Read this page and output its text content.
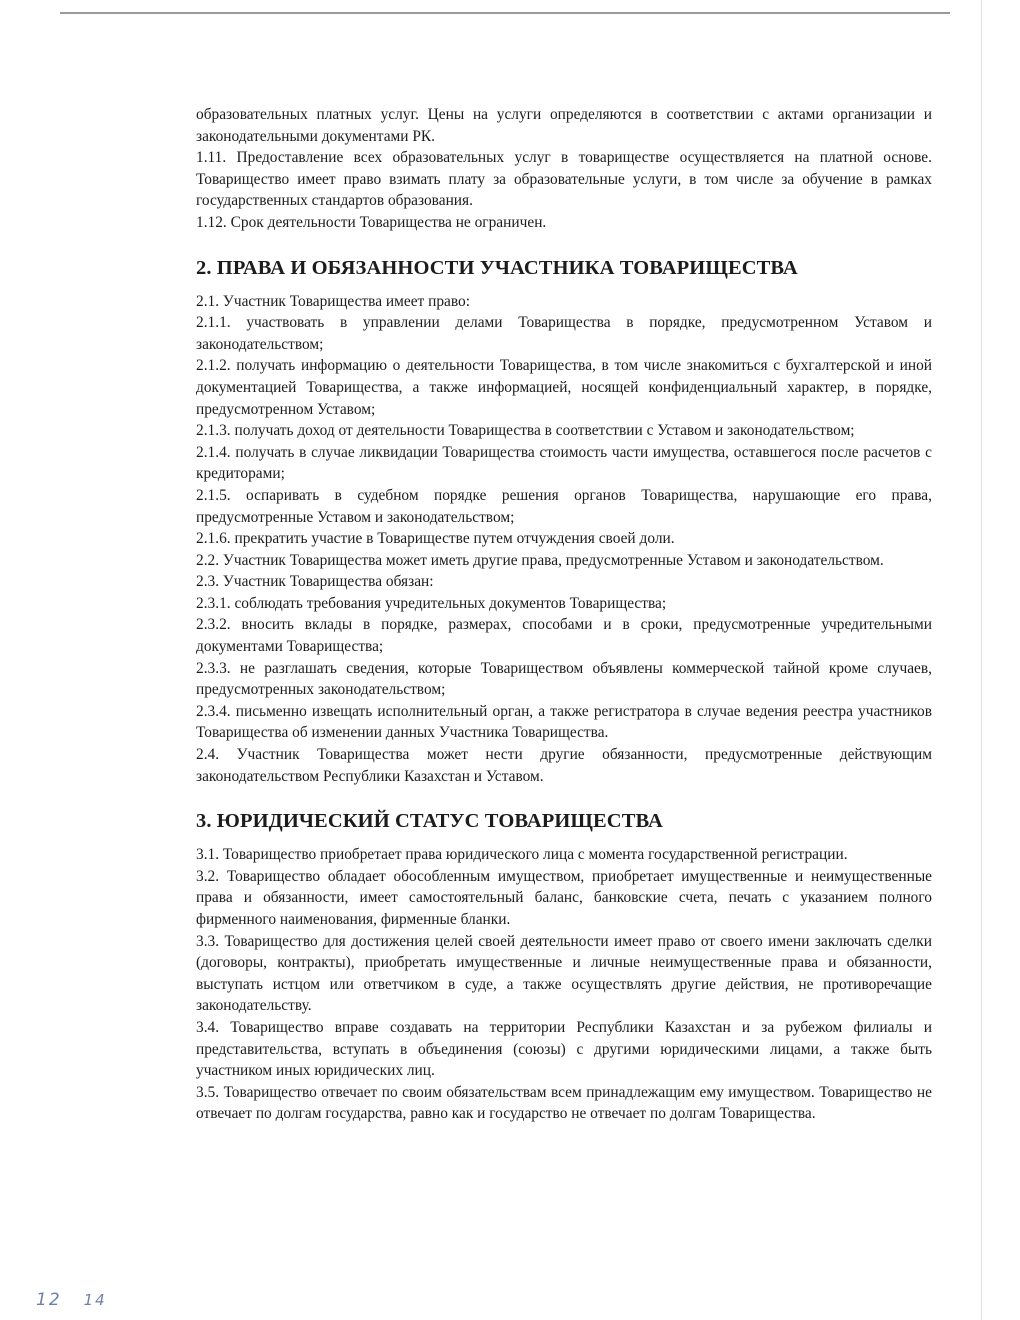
образовательных платных услуг. Цены на услуги определяются в соответствии с актами организации и законодательными документами РК.

1.11. Предоставление всех образовательных услуг в товариществе осуществляется на платной основе. Товарищество имеет право взимать плату за образовательные услуги, в том числе за обучение в рамках государственных стандартов образования.

1.12. Срок деятельности Товарищества не ограничен.

2. ПРАВА И ОБЯЗАННОСТИ УЧАСТНИКА ТОВАРИЩЕСТВА

2.1. Участник Товарищества имеет право:

2.1.1. участвовать в управлении делами Товарищества в порядке, предусмотренном Уставом и законодательством;

2.1.2. получать информацию о деятельности Товарищества, в том числе знакомиться с бухгалтерской и иной документацией Товарищества, а также информацией, носящей конфиденциальный характер, в порядке, предусмотренном Уставом;

2.1.3. получать доход от деятельности Товарищества в соответствии с Уставом и законодательством;

2.1.4. получать в случае ликвидации Товарищества стоимость части имущества, оставшегося после расчетов с кредиторами;

2.1.5. оспаривать в судебном порядке решения органов Товарищества, нарушающие его права, предусмотренные Уставом и законодательством;

2.1.6. прекратить участие в Товариществе путем отчуждения своей доли.

2.2. Участник Товарищества может иметь другие права, предусмотренные Уставом и законодательством.

2.3. Участник Товарищества обязан:

2.3.1. соблюдать требования учредительных документов Товарищества;

2.3.2. вносить вклады в порядке, размерах, способами и в сроки, предусмотренные учредительными документами Товарищества;

2.3.3. не разглашать сведения, которые Товариществом объявлены коммерческой тайной кроме случаев, предусмотренных законодательством;

2.3.4. письменно извещать исполнительный орган, а также регистратора в случае ведения реестра участников Товарищества об изменении данных Участника Товарищества.

2.4. Участник Товарищества может нести другие обязанности, предусмотренные действующим законодательством Республики Казахстан и Уставом.

3. ЮРИДИЧЕСКИЙ СТАТУС ТОВАРИЩЕСТВА

3.1. Товарищество приобретает права юридического лица с момента государственной регистрации.

3.2. Товарищество обладает обособленным имуществом, приобретает имущественные и неимущественные права и обязанности, имеет самостоятельный баланс, банковские счета, печать с указанием полного фирменного наименования, фирменные бланки.

3.3. Товарищество для достижения целей своей деятельности имеет право от своего имени заключать сделки (договоры, контракты), приобретать имущественные и личные неимущественные права и обязанности, выступать истцом или ответчиком в суде, а также осуществлять другие действия, не противоречащие законодательству.

3.4. Товарищество вправе создавать на территории Республики Казахстан и за рубежом филиалы и представительства, вступать в объединения (союзы) с другими юридическими лицами, а также быть участником иных юридических лиц.

3.5. Товарищество отвечает по своим обязательствам всем принадлежащим ему имуществом. Товарищество не отвечает по долгам государства, равно как и государство не отвечает по долгам Товарищества.

12 14
